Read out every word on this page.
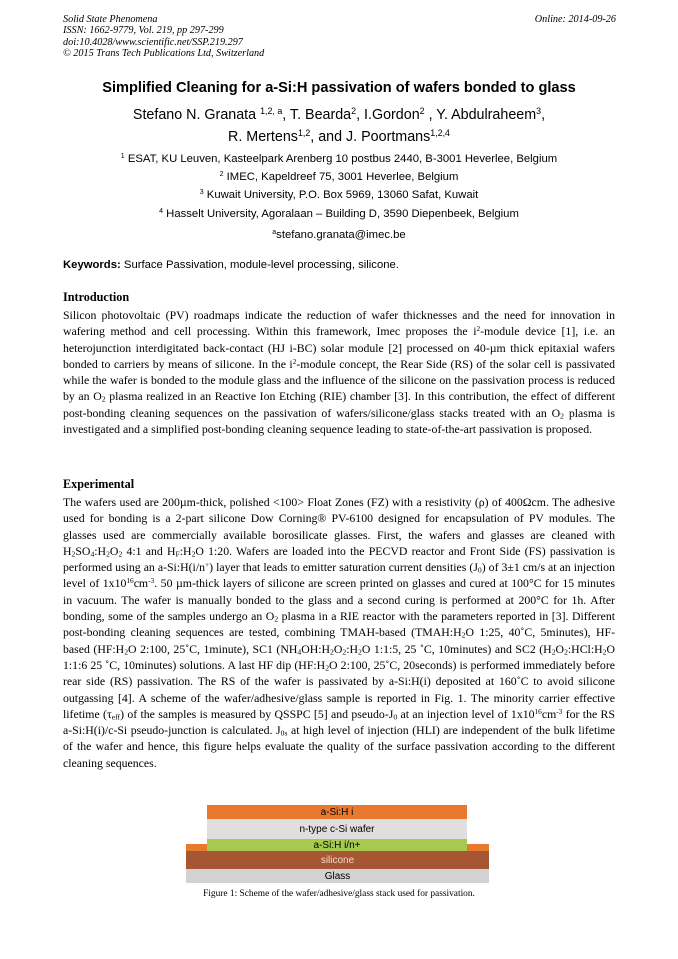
Solid State Phenomena
ISSN: 1662-9779, Vol. 219, pp 297-299
doi:10.4028/www.scientific.net/SSP.219.297
© 2015 Trans Tech Publications Ltd, Switzerland
Online: 2014-09-26
Simplified Cleaning for a-Si:H passivation of wafers bonded to glass
Stefano N. Granata $^{1,2, a}$, T. Bearda$^2$, I.Gordon$^2$ , Y. Abdulraheem$^3$,
R. Mertens$^{1,2}$, and J. Poortmans$^{1,2,4}$
$^1$ ESAT, KU Leuven, Kasteelpark Arenberg 10 postbus 2440, B-3001 Heverlee, Belgium
$^2$ IMEC, Kapeldreef 75, 3001 Heverlee, Belgium
$^3$ Kuwait University, P.O. Box 5969, 13060 Safat, Kuwait
$^4$ Hasselt University, Agoralaan – Building D, 3590 Diepenbeek, Belgium
$^a$stefano.granata@imec.be
Keywords: Surface Passivation, module-level processing, silicone.
Introduction

Silicon photovoltaic (PV) roadmaps indicate the reduction of wafer thicknesses and the need for innovation in wafering method and cell processing. Within this framework, Imec proposes the $i^2$-module device [1], i.e. an heterojunction interdigitated back-contact (HJ i-BC) solar module [2] processed on 40-µm thick epitaxial wafers bonded to carriers by means of silicone. In the $i^2$-module concept, the Rear Side (RS) of the solar cell is passivated while the wafer is bonded to the module glass and the influence of the silicone on the passivation process is reduced by an $O_2$ plasma realized in an Reactive Ion Etching (RIE) chamber [3]. In this contribution, the effect of different post-bonding cleaning sequences on the passivation of wafers/silicone/glass stacks treated with an $O_2$ plasma is investigated and a simplified post-bonding cleaning sequence leading to state-of-the-art passivation is proposed.

Experimental

The wafers used are 200µm-thick, polished <100> Float Zones (FZ) with a resistivity (ρ) of 400Ωcm. The adhesive used for bonding is a 2-part silicone Dow Corning® PV-6100 designed for encapsulation of PV modules. The glasses used are commercially available borosilicate glasses. First, the wafers and glasses are cleaned with $H_2SO_4:H_2O_2$ 4:1 and $H_F:H_2O$ 1:20. Wafers are loaded into the PECVD reactor and Front Side (FS) passivation is performed using an a-Si:H(i/n+) layer that leads to emitter saturation current densities $(J_0)$ of 3±1 cm/s at an injection level of $1x10^{16}cm^{-3}$. 50 µm-thick layers of silicone are screen printed on glasses and cured at 100°C for 15 minutes in vacuum. The wafer is manually bonded to the glass and a second curing is performed at 200°C for 1h. After bonding, some of the samples undergo an $O_2$ plasma in a RIE reactor with the parameters reported in [3]. Different post-bonding cleaning sequences are tested, combining TMAH-based ($TMAH:H_2O$ 1:25, 40˚C, 5minutes), HF-based ($HF:H_2O$ 2:100, 25˚C, 1minute), SC1 ($NH_4OH:H_2O_2:H_2O$ 1:1:5, 25 ˚C, 10minutes) and SC2 ($H_2O_2:HCl:H_2O$ 1:1:6 25 ˚C, 10minutes) solutions. A last HF dip ($HF:H_2O$ 2:100, 25˚C, 20seconds) is performed immediately before rear side (RS) passivation. The RS of the wafer is passivated by a-Si:H(i) deposited at 160˚C to avoid silicone outgassing [4]. A scheme of the wafer/adhesive/glass sample is reported in Fig. 1. The minority carrier effective lifetime $(\tau_{eff})$ of the samples is measured by QSSPC [5] and pseudo-$J_0$ at an injection level of $1x10^{16}cm^{-3}$ for the RS a-Si:H(i)/c-Si pseudo-junction is calculated. $J_{0s}$ at high level of injection (HLI) are independent of the bulk lifetime of the wafer and hence, this figure helps evaluate the quality of the surface passivation according to the different cleaning sequences.

a-Si:H i
n-type c-Si wafer
a-Si:H i/n+
silicone
Glass
Figure 1: Scheme of the wafer/adhesive/glass stack used for passivation.
